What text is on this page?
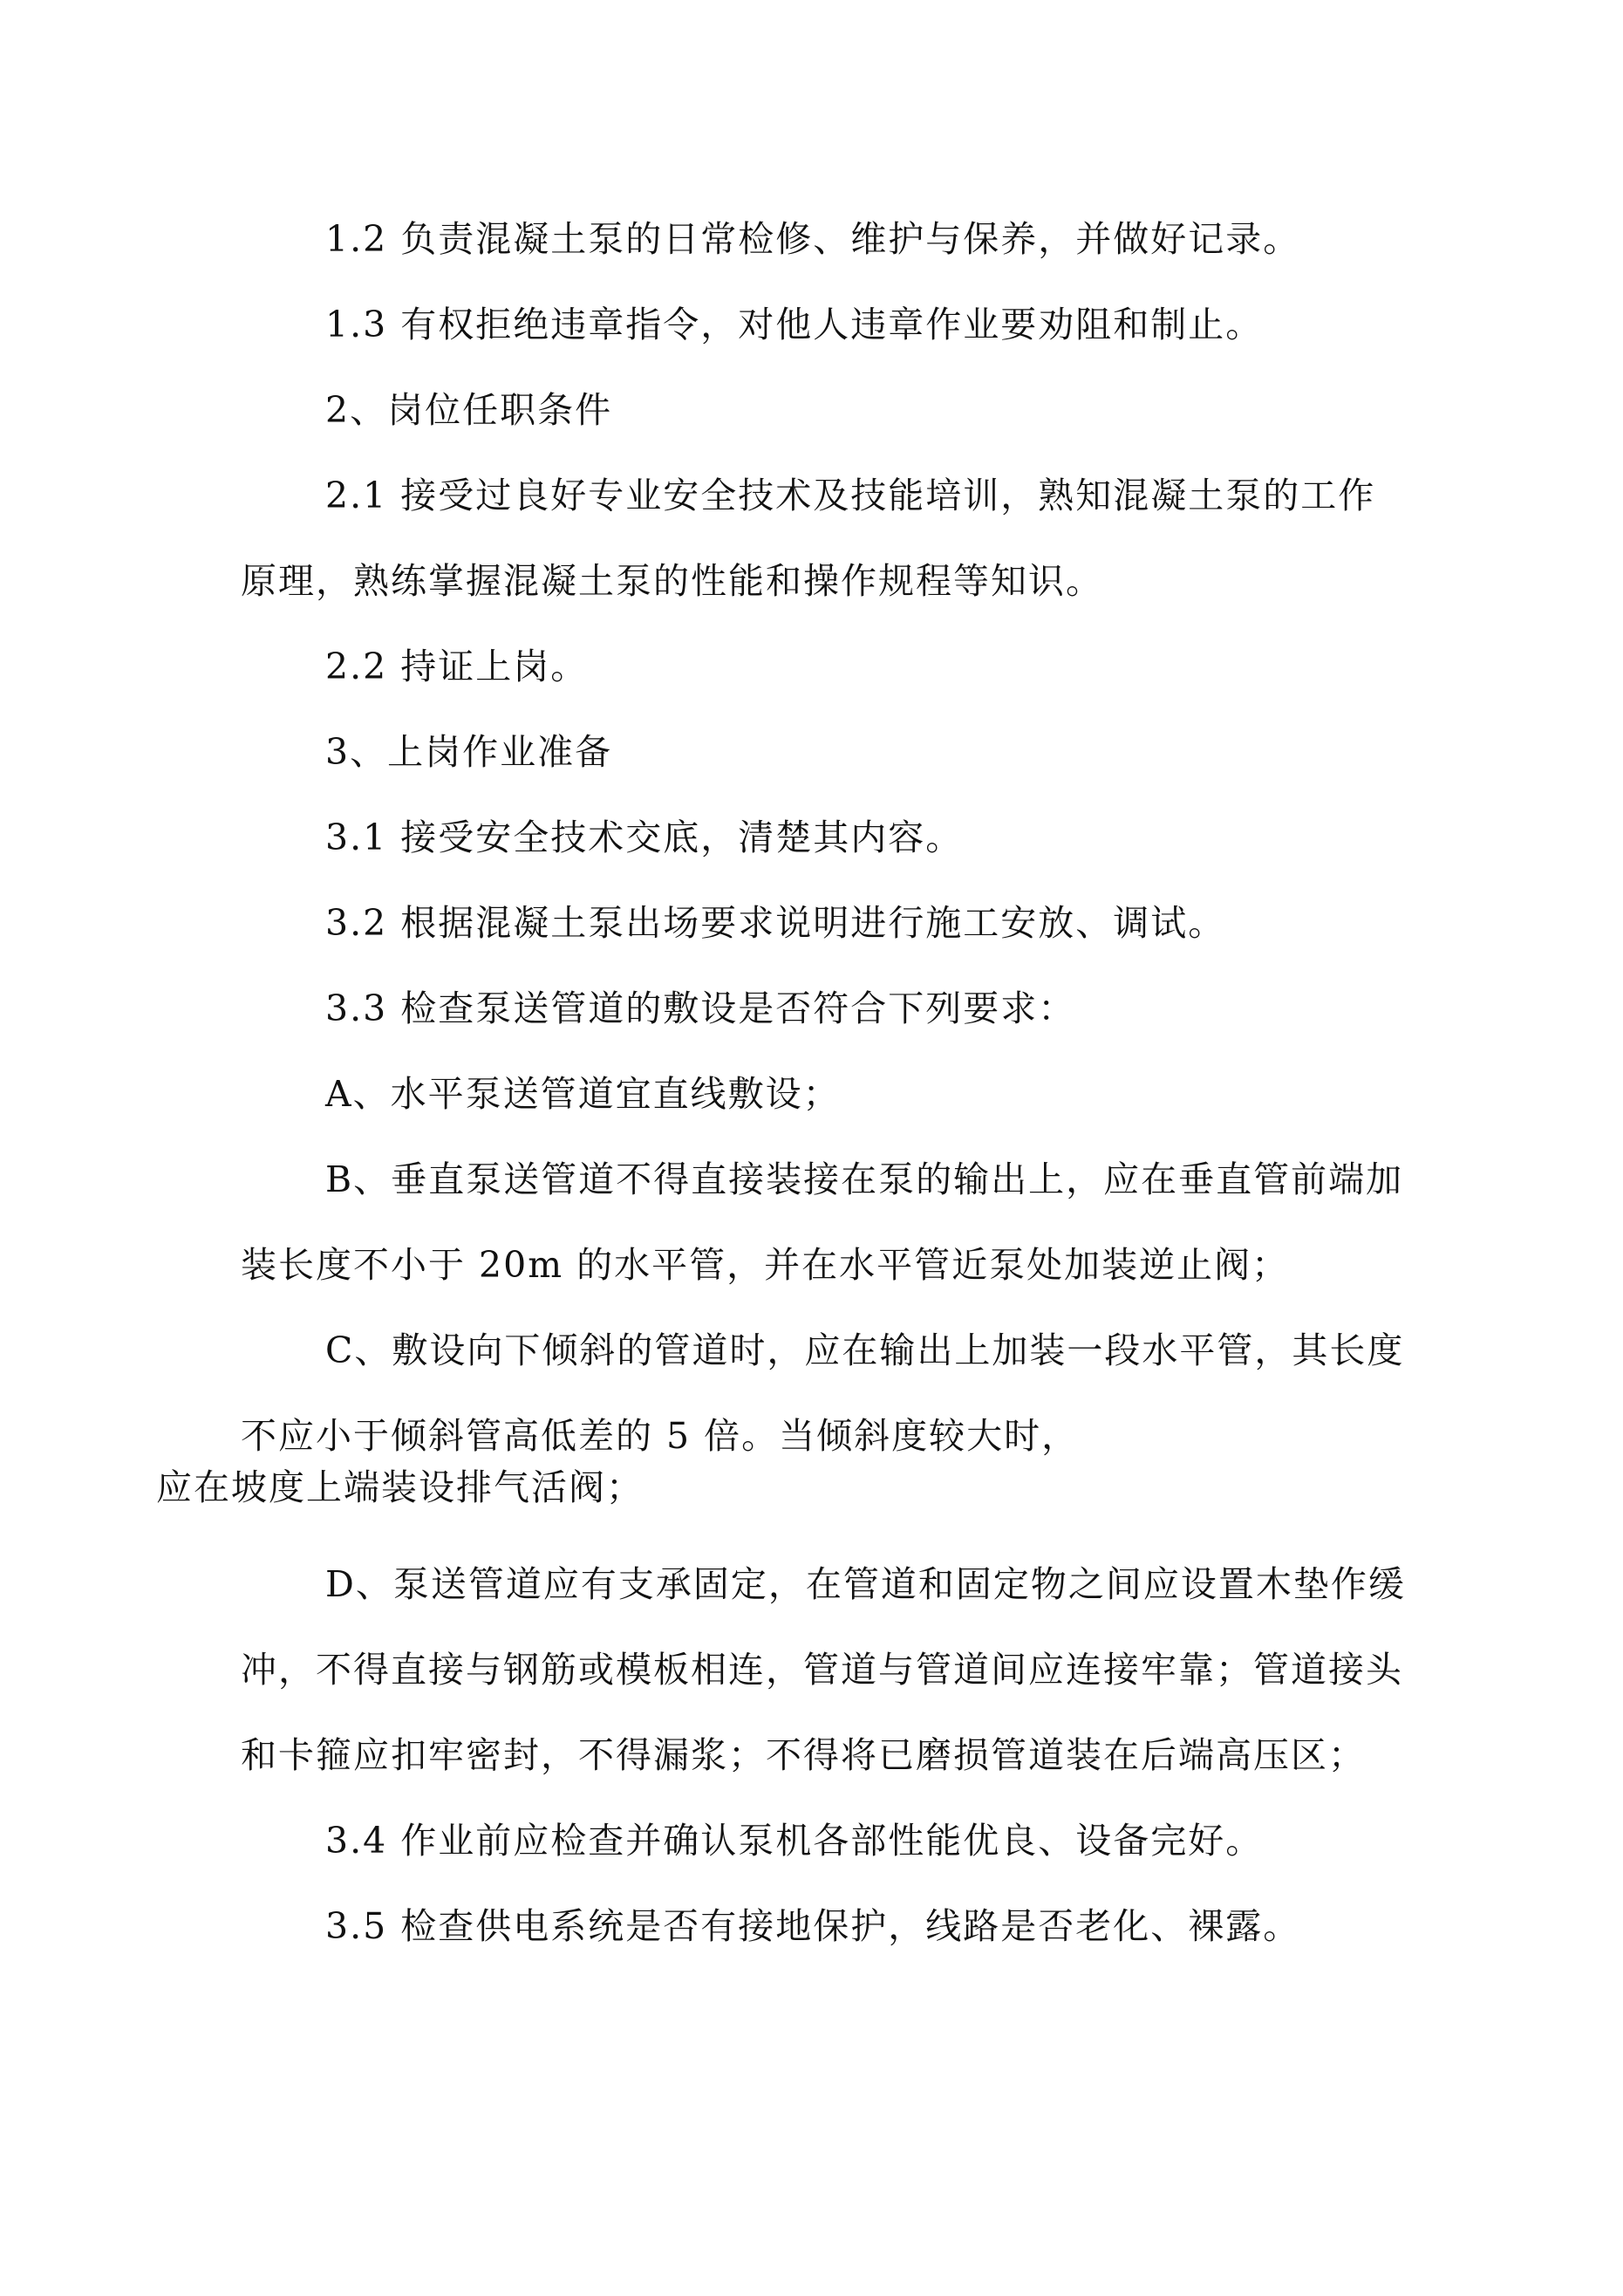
1.2 负责混凝土泵的日常检修、维护与保养，并做好记录。

1.3 有权拒绝违章指令，对他人违章作业要劝阻和制止。

2、岗位任职条件

2.1 接受过良好专业安全技术及技能培训，熟知混凝土泵的工作原理，熟练掌握混凝土泵的性能和操作规程等知识。

2.2 持证上岗。

3、上岗作业准备

3.1 接受安全技术交底，清楚其内容。

3.2 根据混凝土泵出场要求说明进行施工安放、调试。

3.3 检查泵送管道的敷设是否符合下列要求：

A、水平泵送管道宜直线敷设；

B、垂直泵送管道不得直接装接在泵的输出上，应在垂直管前端加装长度不小于 20m 的水平管，并在水平管近泵处加装逆止阀；

C、敷设向下倾斜的管道时，应在输出上加装一段水平管，其长度不应小于倾斜管高低差的 5 倍。当倾斜度较大时，
应在坡度上端装设排气活阀；

D、泵送管道应有支承固定，在管道和固定物之间应设置木垫作缓冲，不得直接与钢筋或模板相连，管道与管道间应连接牢靠；管道接头和卡箍应扣牢密封，不得漏浆；不得将已磨损管道装在后端高压区；

3.4 作业前应检查并确认泵机各部性能优良、设备完好。

3.5 检查供电系统是否有接地保护，线路是否老化、裸露。
